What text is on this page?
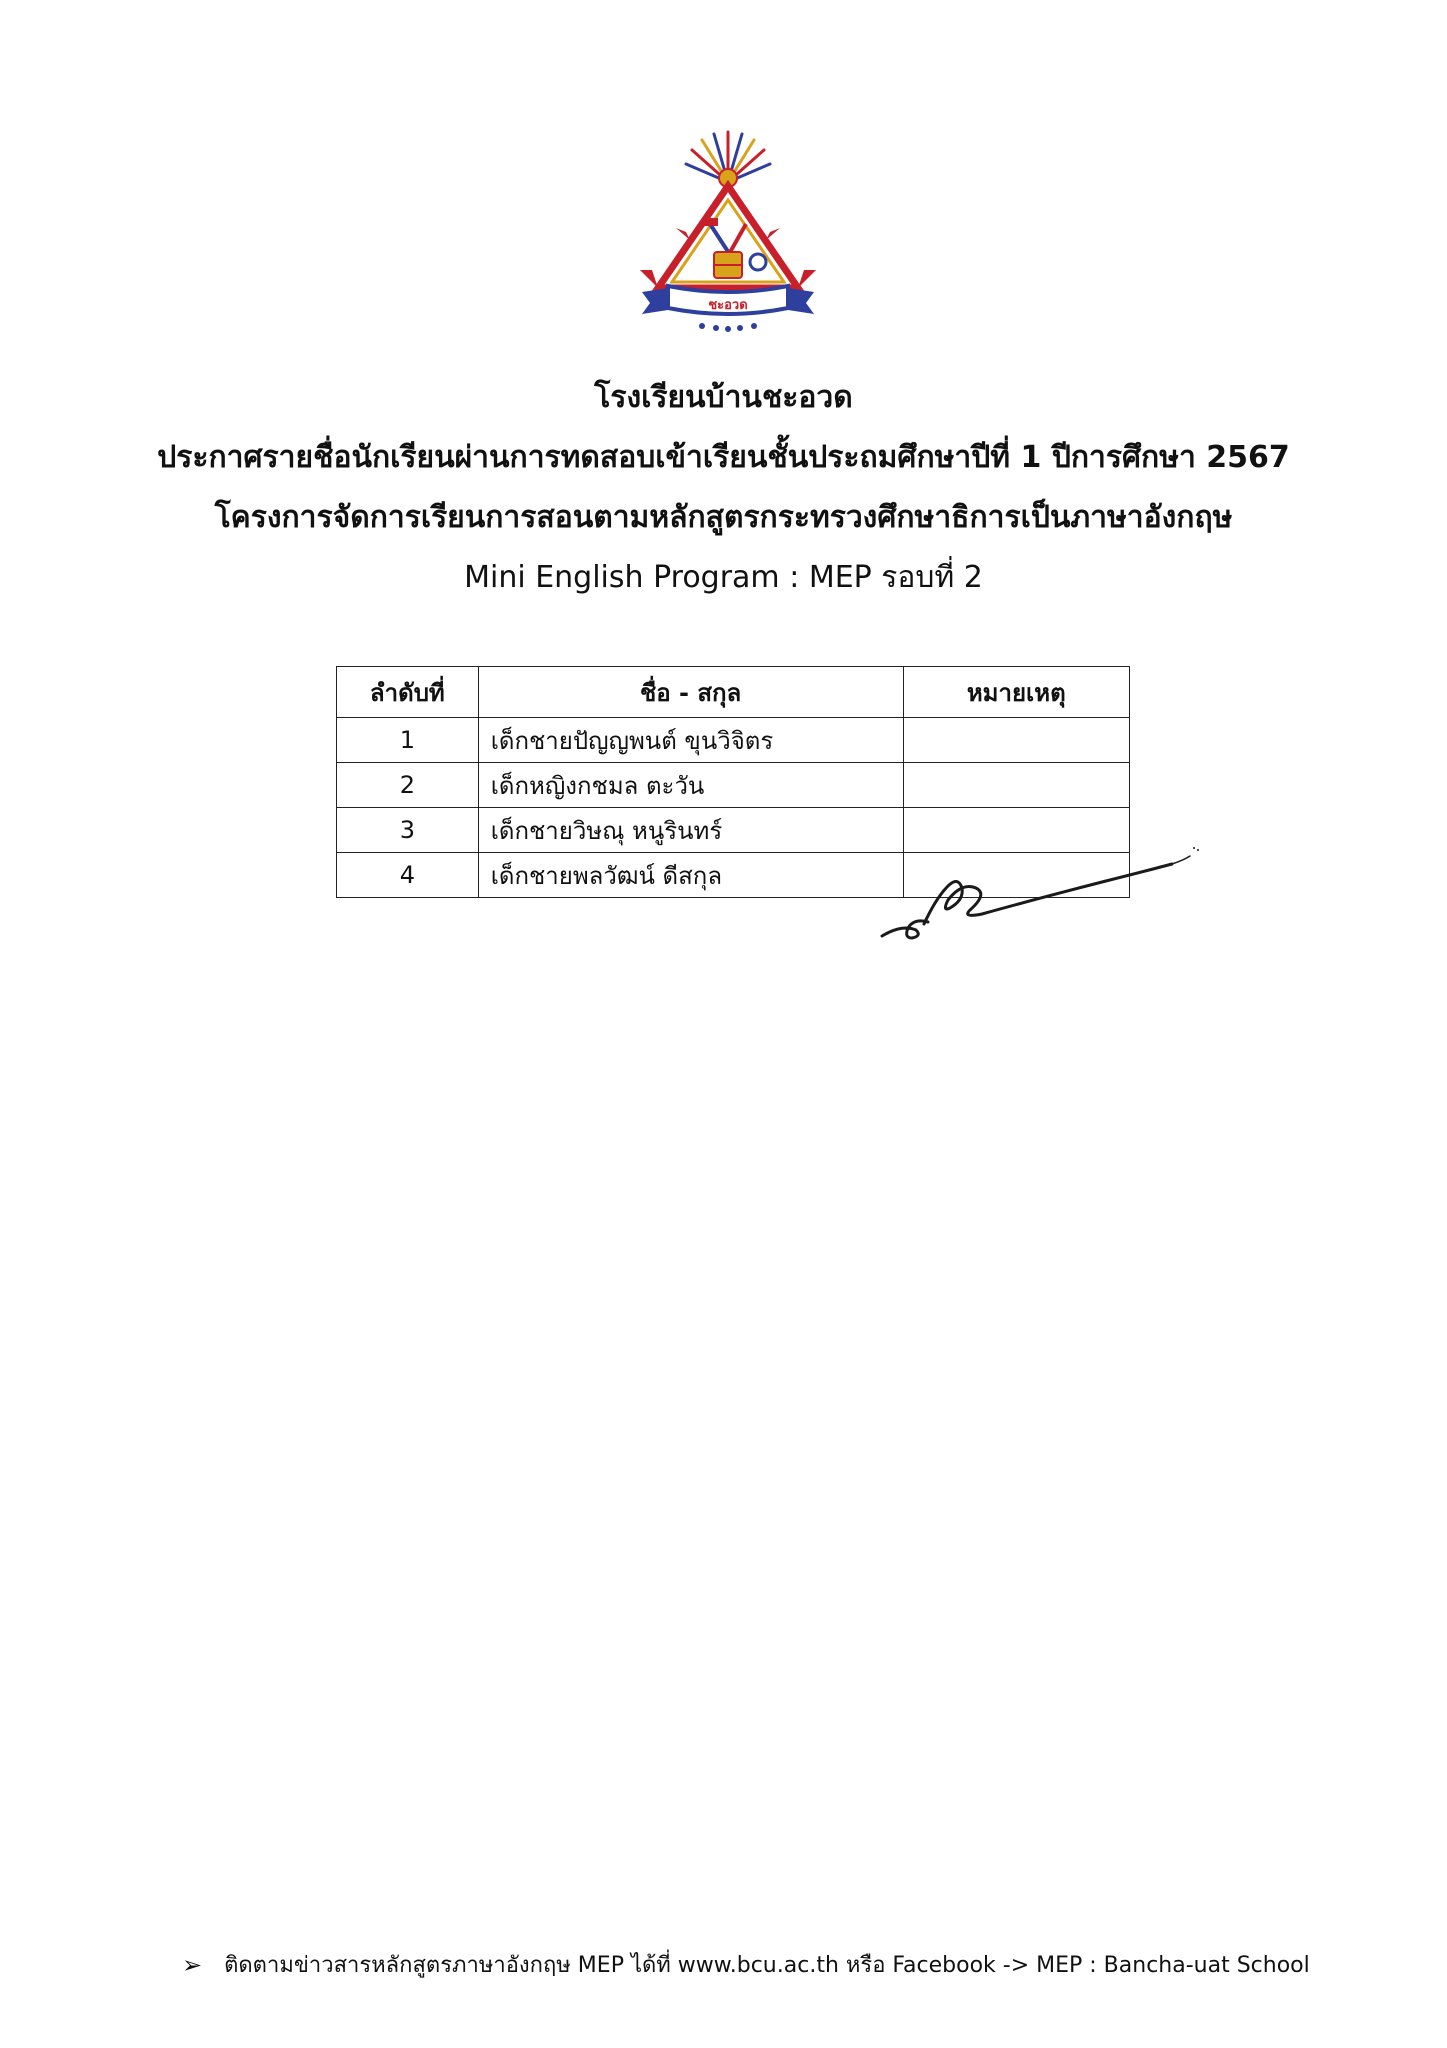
ชะอวด
โรงเรียนบ้านชะอวด
ประกาศรายชื่อนักเรียนผ่านการทดสอบเข้าเรียนชั้นประถมศึกษาปีที่ 1 ปีการศึกษา 2567
โครงการจัดการเรียนการสอนตามหลักสูตรกระทรวงศึกษาธิการเป็นภาษาอังกฤษ
Mini English Program : MEP รอบที่ 2
ลำดับที่	ชื่อ - สกุล	หมายเหตุ
1	เด็กชายปัญญพนต์ ขุนวิจิตร	
2	เด็กหญิงกชมล ตะวัน	
3	เด็กชายวิษณุ หนูรินทร์	
4	เด็กชายพลวัฒน์ ดีสกุล	
➢ ติดตามข่าวสารหลักสูตรภาษาอังกฤษ MEP ได้ที่ www.bcu.ac.th หรือ Facebook -> MEP : Bancha-uat School
